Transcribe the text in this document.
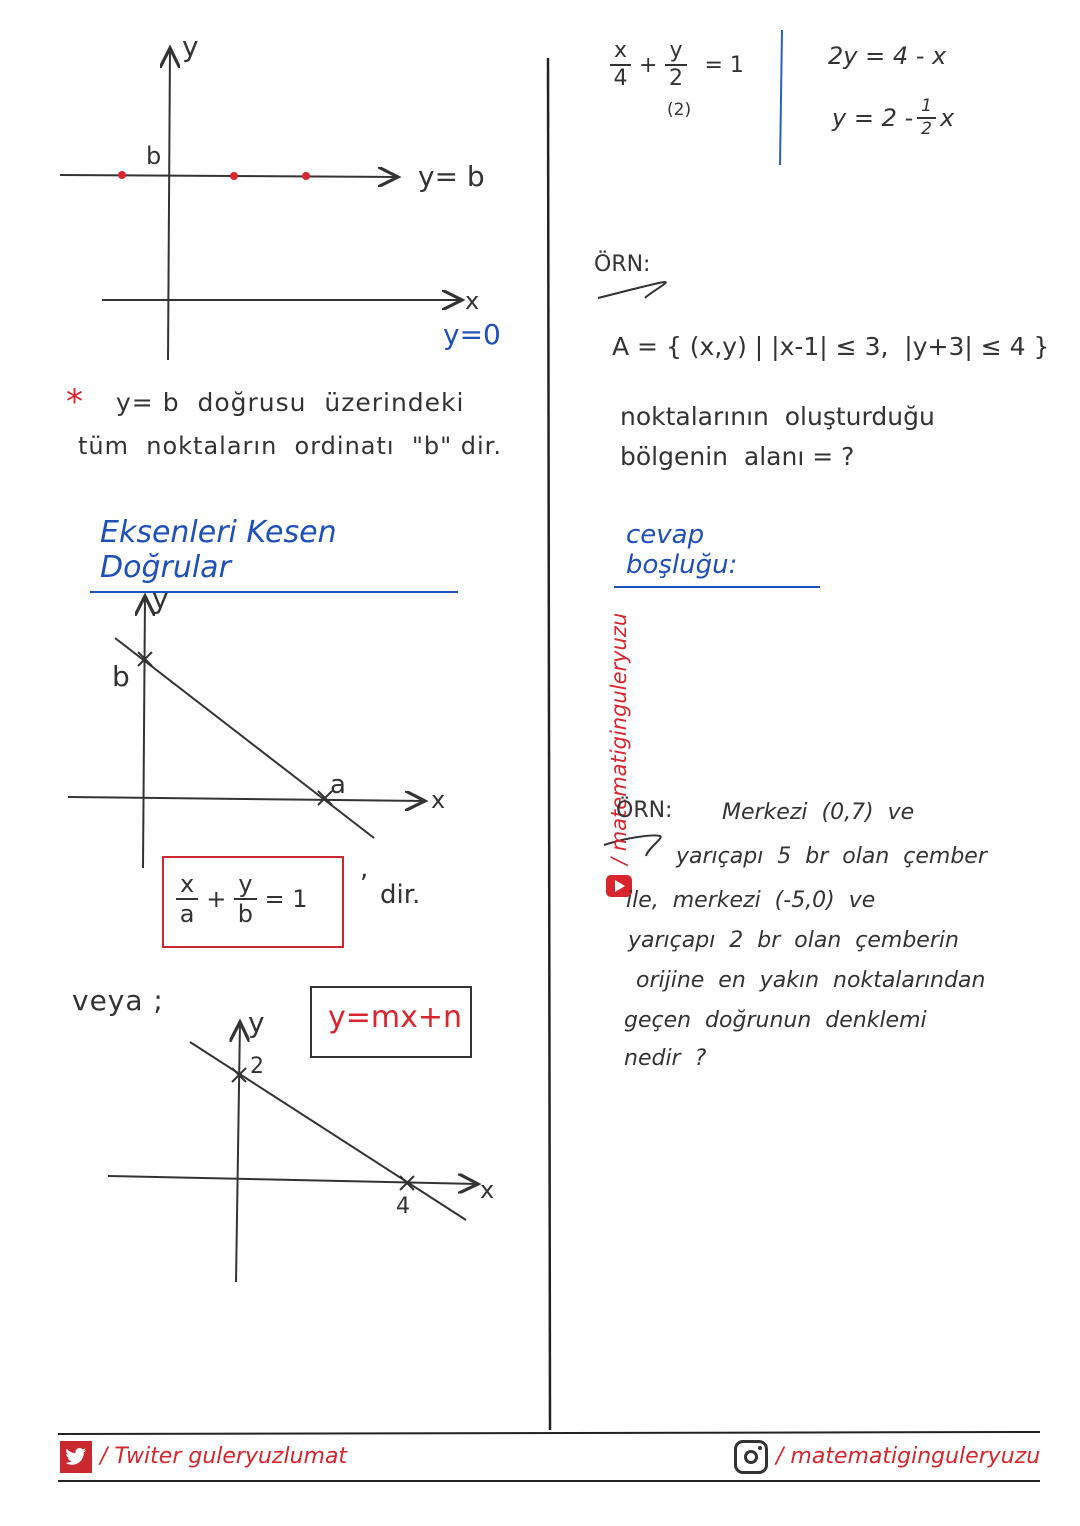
y
b
y= b
x
y=0
* y= b  doğrusu  üzerindeki
tüm  noktaların  ordinatı  "b" dir.
Eksenleri Kesen Doğrular
y
b
a	x
$\frac{x}{a} + \frac{y}{b} = 1$
,
dir.
veya ;	y=mx+n
y
2
4
x
/ matematiginguleryuzu
$\frac{x}{4} + \frac{y}{2} = 1$
(2)
2y = 4 - x
$y = 2 - \frac{1}{2}$ x
ÖRN:
A = { (x,y) | |x-1| ≤ 3,  |y+3| ≤ 4 }
noktalarının  oluşturduğu
bölgenin  alanı = ?
cevap boşluğu:
ÖRN: Merkezi  (0,7)  ve
yarıçapı  5  br  olan  çember
ile,  merkezi  (-5,0)  ve
yarıçapı  2  br  olan  çemberin
orijine  en  yakın  noktalarından
geçen  doğrunun  denklemi
nedir  ?
/ Twiter guleryuzlumat	/ matematiginguleryuzu
